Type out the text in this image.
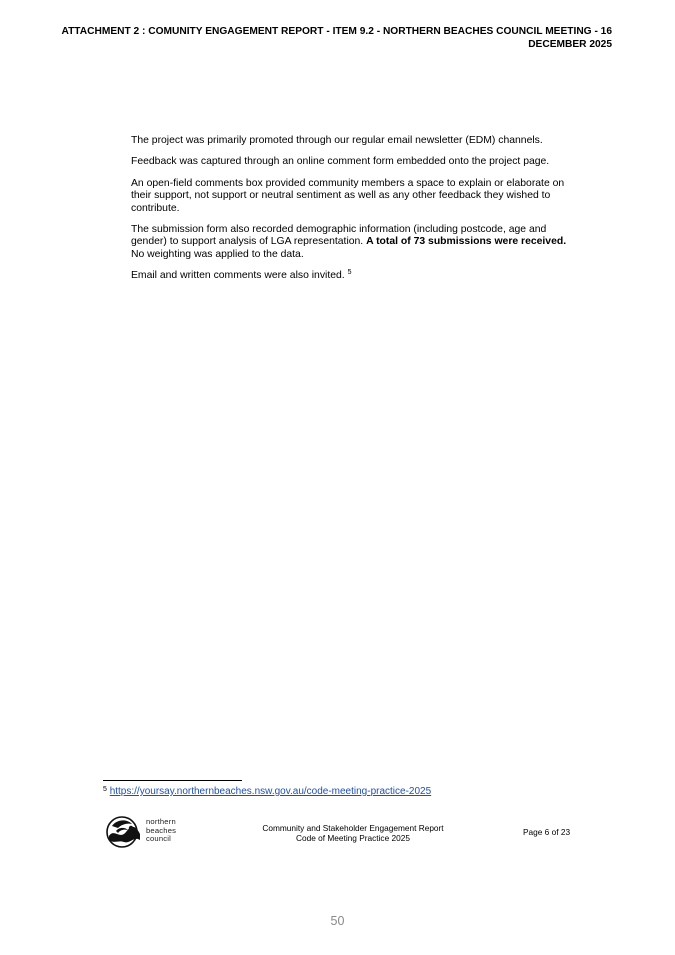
ATTACHMENT 2 : COMUNITY ENGAGEMENT REPORT - ITEM 9.2 - NORTHERN BEACHES COUNCIL MEETING - 16
DECEMBER 2025

The project was primarily promoted through our regular email newsletter (EDM) channels.

Feedback was captured through an online comment form embedded onto the project page.

An open-field comments box provided community members a space to explain or elaborate on their support, not support or neutral sentiment as well as any other feedback they wished to contribute.

The submission form also recorded demographic information (including postcode, age and gender) to support analysis of LGA representation. A total of 73 submissions were received. No weighting was applied to the data.

Email and written comments were also invited. $^5$

$^5$ https://yoursay.northernbeaches.nsw.gov.au/code-meeting-practice-2025
northern
beaches
council
Community and Stakeholder Engagement Report
Code of Meeting Practice 2025
Page 6 of 23
50
